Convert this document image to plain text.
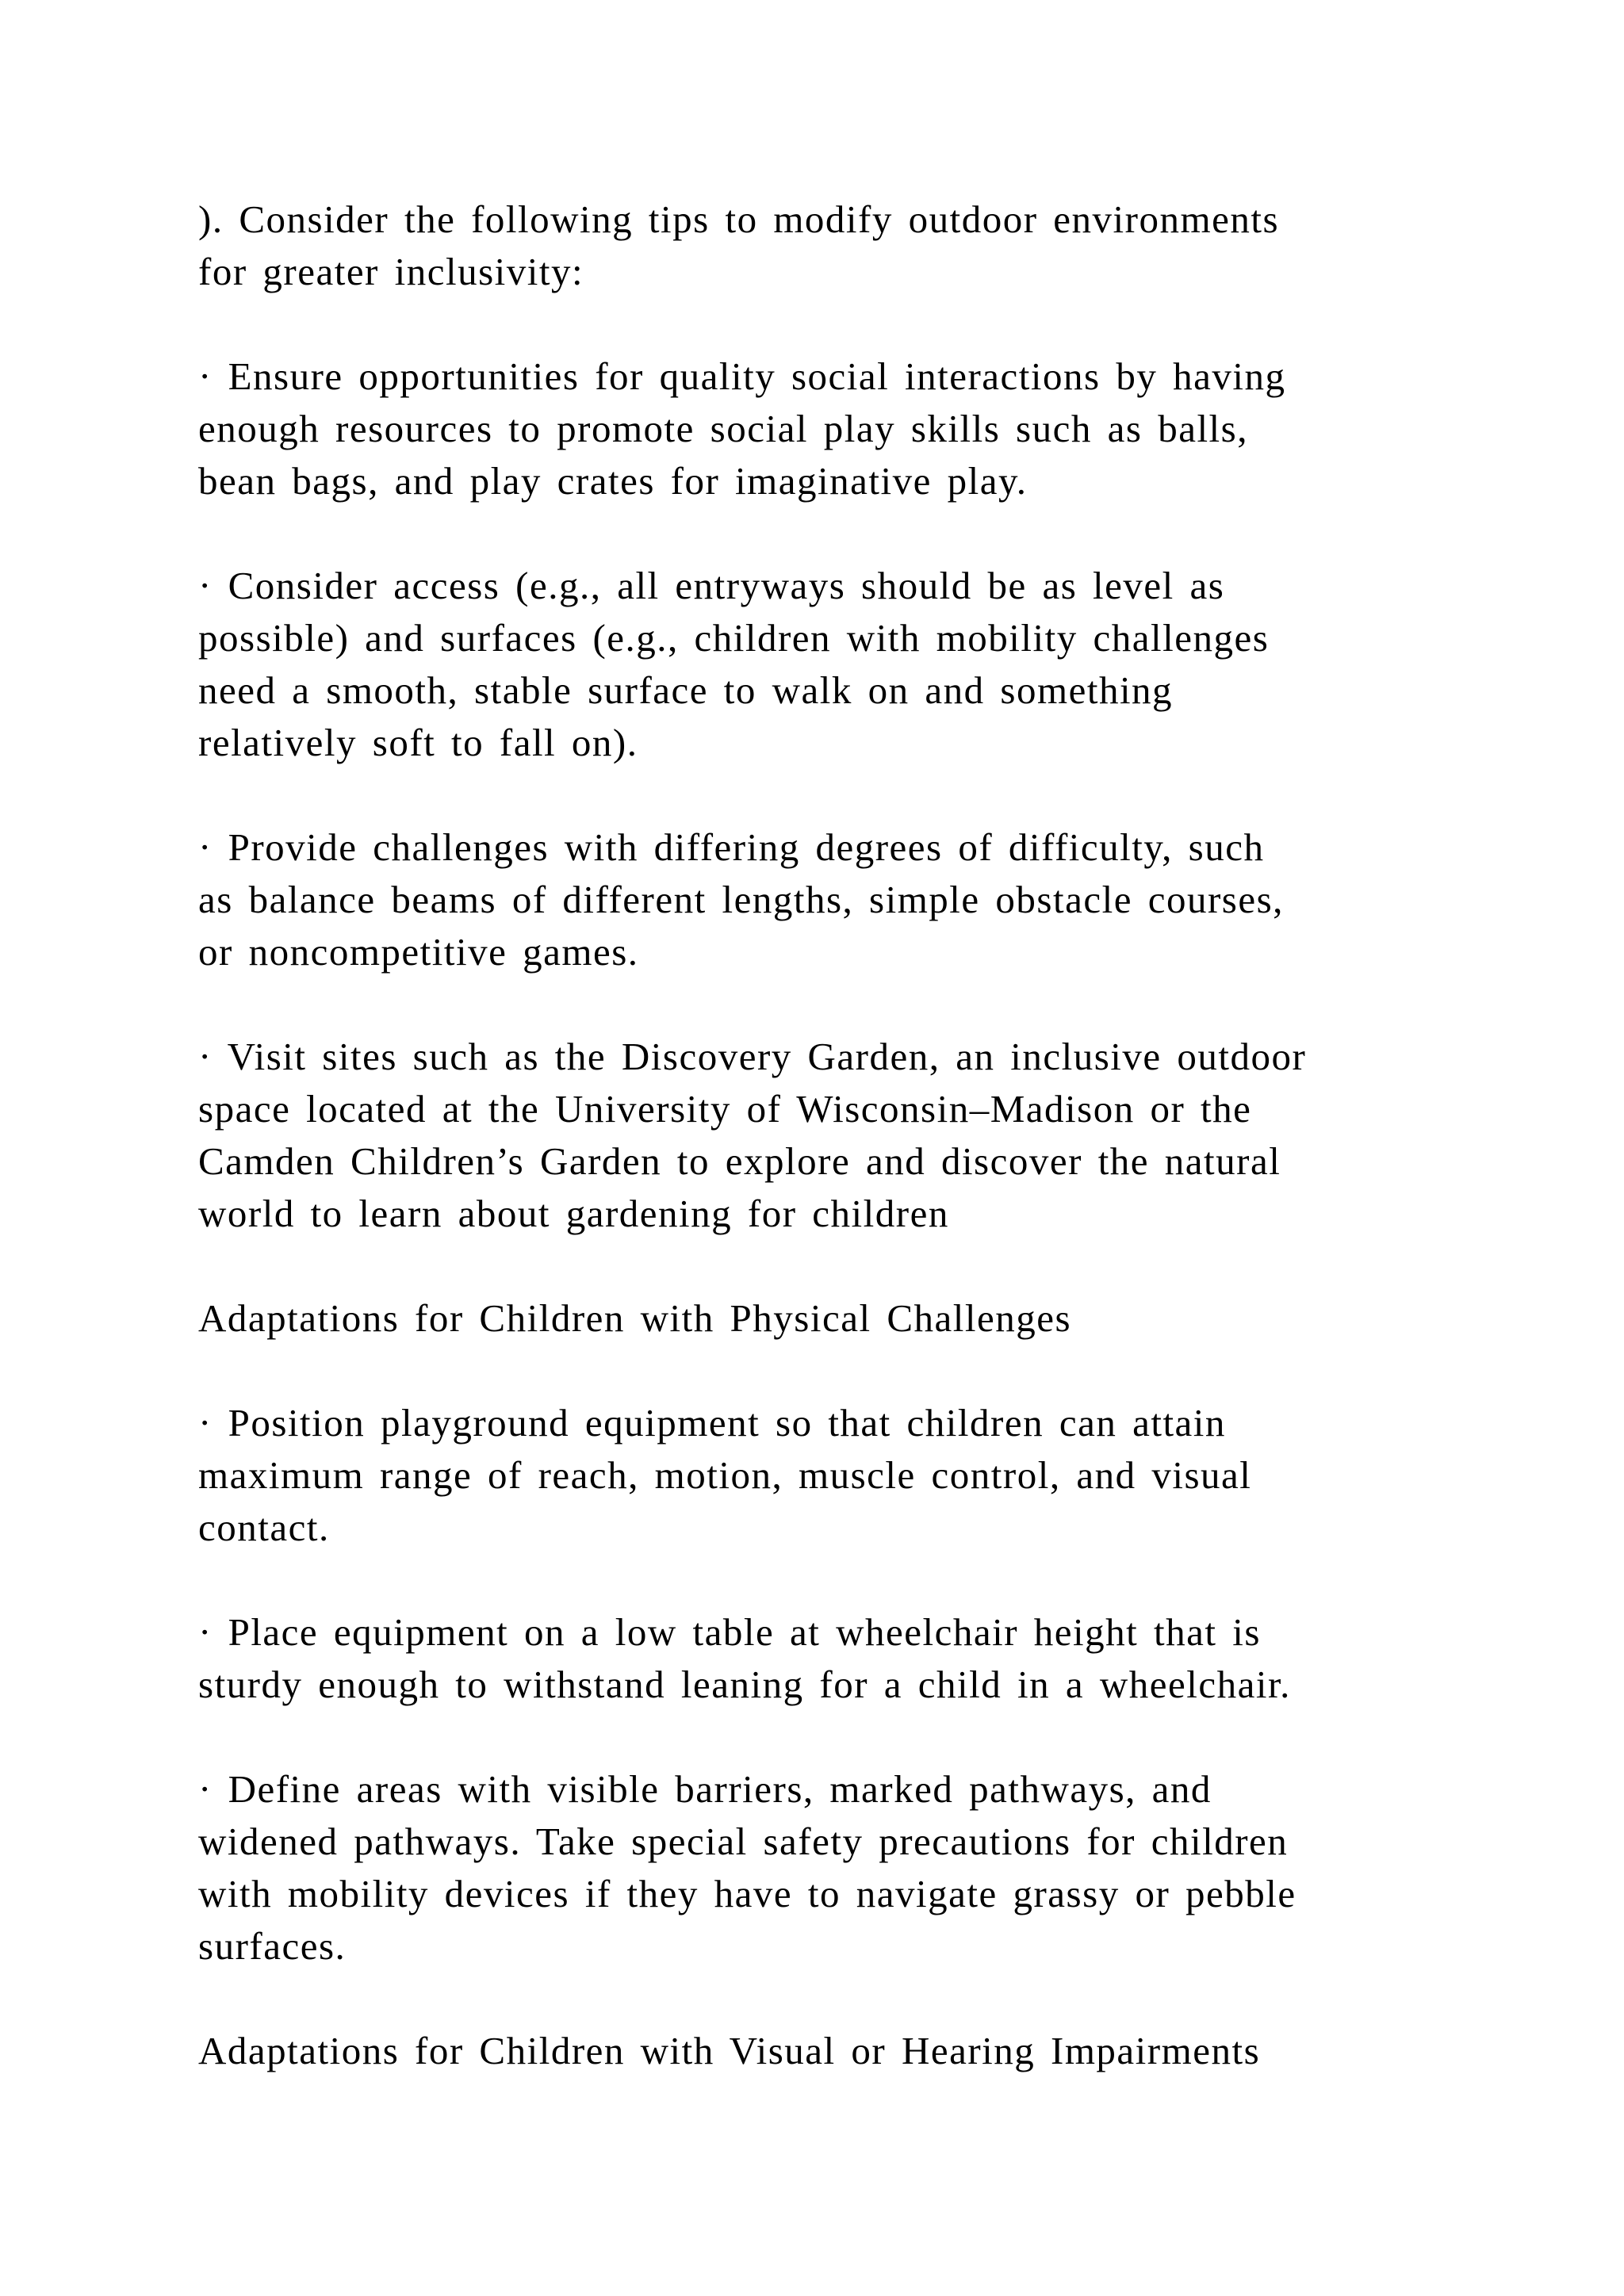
). Consider the following tips to modify outdoor environments
for greater inclusivity:

· Ensure opportunities for quality social interactions by having
enough resources to promote social play skills such as balls,
bean bags, and play crates for imaginative play.

· Consider access (e.g., all entryways should be as level as
possible) and surfaces (e.g., children with mobility challenges
need a smooth, stable surface to walk on and something
relatively soft to fall on).

· Provide challenges with differing degrees of difficulty, such
as balance beams of different lengths, simple obstacle courses,
or noncompetitive games.

· Visit sites such as the Discovery Garden, an inclusive outdoor
space located at the University of Wisconsin–Madison or the
Camden Children’s Garden to explore and discover the natural
world to learn about gardening for children

Adaptations for Children with Physical Challenges

· Position playground equipment so that children can attain
maximum range of reach, motion, muscle control, and visual
contact.

· Place equipment on a low table at wheelchair height that is
sturdy enough to withstand leaning for a child in a wheelchair.

· Define areas with visible barriers, marked pathways, and
widened pathways. Take special safety precautions for children
with mobility devices if they have to navigate grassy or pebble
surfaces.

Adaptations for Children with Visual or Hearing Impairments
